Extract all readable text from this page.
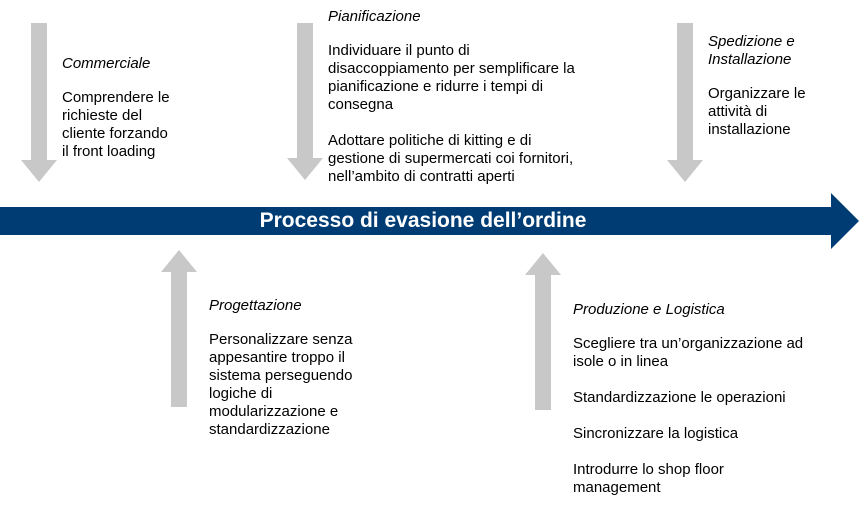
Processo di evasione dell’ordine
Commerciale
Comprendere le
richieste del
cliente forzando
il front loading
Pianificazione
Individuare il punto di
disaccoppiamento per semplificare la
pianificazione e ridurre i tempi di
consegna
Adottare politiche di kitting e di
gestione di supermercati coi fornitori,
nell’ambito di contratti aperti
Spedizione e
Installazione
Organizzare le
attività di
installazione
Progettazione
Personalizzare senza
appesantire troppo il
sistema perseguendo
logiche di
modularizzazione e
standardizzazione
Produzione e Logistica
Scegliere tra un’organizzazione ad
isole o in linea
Standardizzazione le operazioni
Sincronizzare la logistica
Introdurre lo shop floor
management
